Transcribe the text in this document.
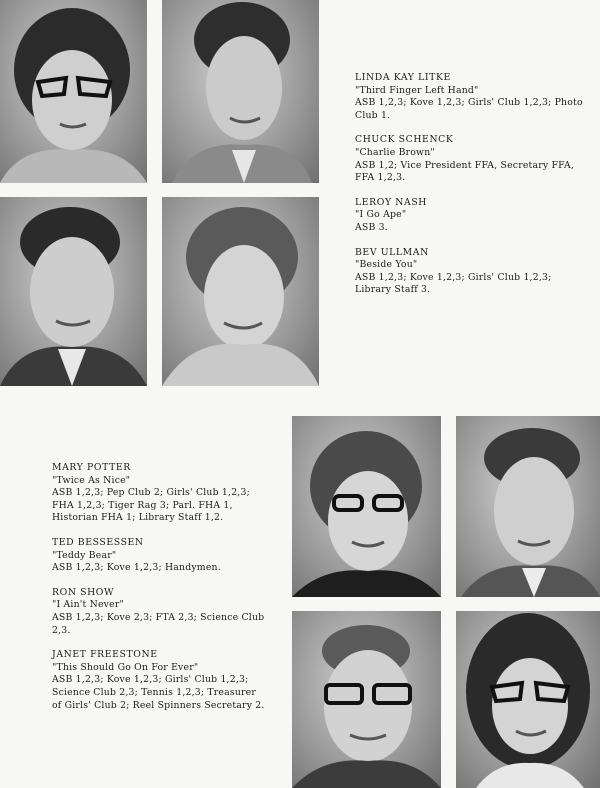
LINDA KAY LITKE
"Third Finger Left Hand"
ASB 1,2,3; Kove 1,2,3; Girls' Club 1,2,3; Photo Club 1.
CHUCK SCHENCK
"Charlie Brown"
ASB 1,2; Vice President FFA, Secretary FFA, FFA 1,2,3.
LEROY NASH
"I Go Ape"
ASB 3.
BEV ULLMAN
"Beside You"
ASB 1,2,3; Kove 1,2,3; Girls' Club 1,2,3; Library Staff 3.
MARY POTTER
"Twice As Nice"
ASB 1,2,3; Pep Club 2; Girls' Club 1,2,3; FHA 1,2,3; Tiger Rag 3; Parl. FHA 1, Historian FHA 1; Library Staff 1,2.
TED BESSESSEN
"Teddy Bear"
ASB 1,2,3; Kove 1,2,3; Handymen.
RON SHOW
"I Ain't Never"
ASB 1,2,3; Kove 2,3; FTA 2,3; Science Club 2,3.
JANET FREESTONE
"This Should Go On For Ever"
ASB 1,2,3; Kove 1,2,3; Girls' Club 1,2,3; Science Club 2,3; Tennis 1,2,3; Treasurer of Girls' Club 2; Reel Spinners Secretary 2.
